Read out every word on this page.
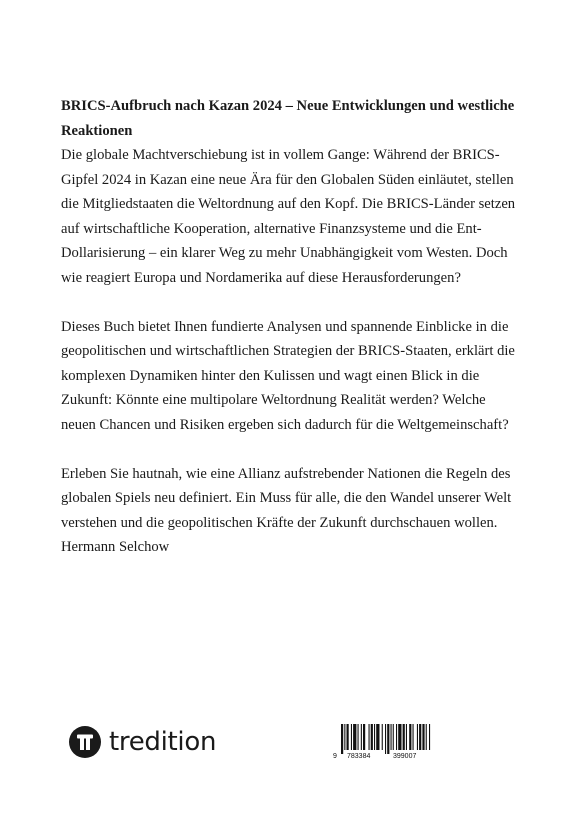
BRICS-Aufbruch nach Kazan 2024 – Neue Entwicklungen und westliche Reaktionen

Die globale Machtverschiebung ist in vollem Gange: Während der BRICS-Gipfel 2024 in Kazan eine neue Ära für den Globalen Süden einläutet, stellen die Mitgliedstaaten die Weltordnung auf den Kopf. Die BRICS-Länder setzen auf wirtschaftliche Kooperation, alternative Finanzsysteme und die Ent-Dollarisierung – ein klarer Weg zu mehr Unabhängigkeit vom Westen. Doch wie reagiert Europa und Nordamerika auf diese Herausforderungen?

Dieses Buch bietet Ihnen fundierte Analysen und spannende Einblicke in die geopolitischen und wirtschaftlichen Strategien der BRICS-Staaten, erklärt die komplexen Dynamiken hinter den Kulissen und wagt einen Blick in die Zukunft: Könnte eine multipolare Weltordnung Realität werden? Welche neuen Chancen und Risiken ergeben sich dadurch für die Weltgemeinschaft?

Erleben Sie hautnah, wie eine Allianz aufstrebender Nationen die Regeln des globalen Spiels neu definiert. Ein Muss für alle, die den Wandel unserer Welt verstehen und die geopolitischen Kräfte der Zukunft durchschauen wollen.

Hermann Selchow

tredition	9 783384	399007
